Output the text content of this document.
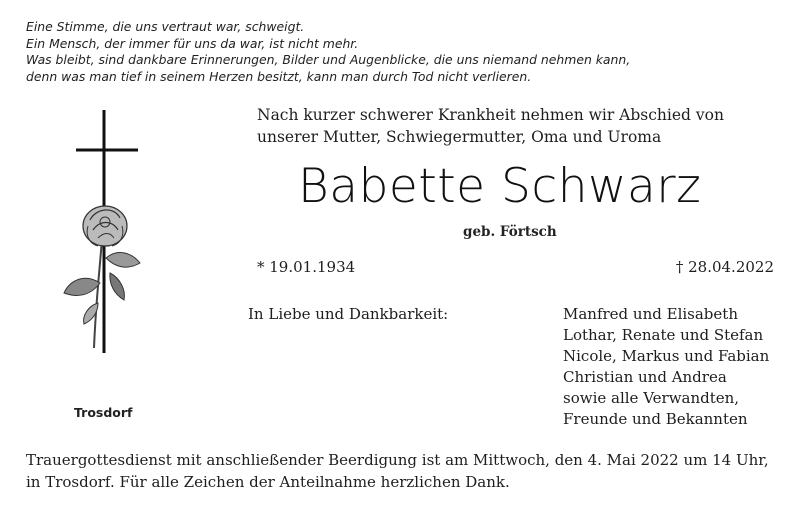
Eine Stimme, die uns vertraut war, schweigt.
Ein Mensch, der immer für uns da war, ist nicht mehr.
Was bleibt, sind dankbare Erinnerungen, Bilder und Augenblicke, die uns niemand nehmen kann,
denn was man tief in seinem Herzen besitzt, kann man durch Tod nicht verlieren.
Nach kurzer schwerer Krankheit nehmen wir Abschied von
unserer Mutter, Schwiegermutter, Oma und Uroma
Babette Schwarz
geb. Förtsch
* 19.01.1934	† 28.04.2022
In Liebe und Dankbarkeit:	Manfred und Elisabeth
Lothar, Renate und Stefan
Nicole, Markus und Fabian
Christian und Andrea
sowie alle Verwandten,
Freunde und Bekannten
Trosdorf
Trauergottesdienst mit anschließender Beerdigung ist am Mittwoch, den 4. Mai 2022 um 14 Uhr,
in Trosdorf. Für alle Zeichen der Anteilnahme herzlichen Dank.
